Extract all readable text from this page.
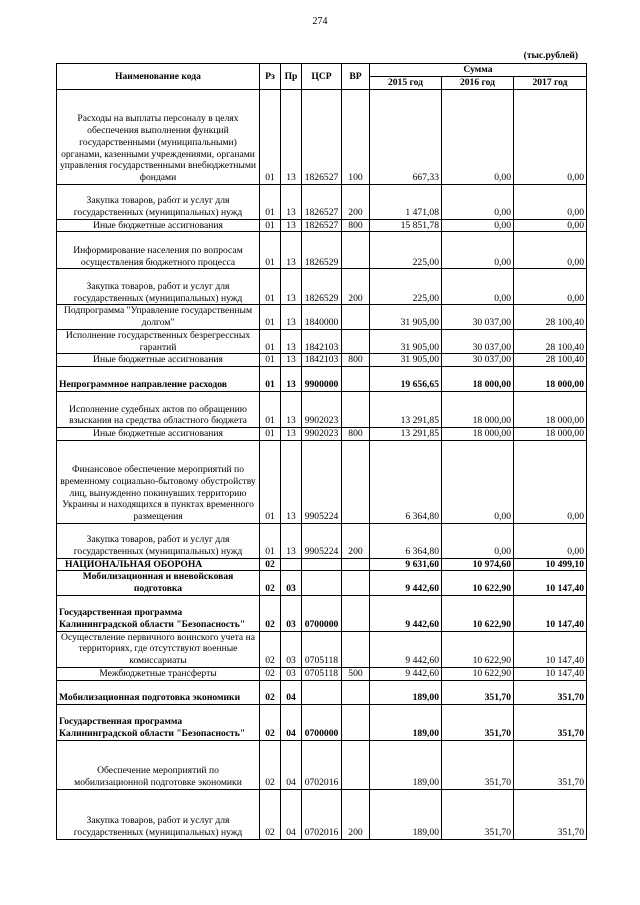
274
(тыс.рублей)
Наименование кода	Рз	Пр	ЦСР	ВР	Сумма		
					2015 год	2016 год	2017 год
Расходы на выплаты персоналу в целях обеспечения выполнения функций государственными (муниципальными) органами, казенными учреждениями, органами управления государственными внебюджетными фондами	01	13	1826527	100	667,33	0,00	0,00
Закупка товаров, работ и услуг для государственных (муниципальных) нужд	01	13	1826527	200	1 471,08	0,00	0,00
Иные бюджетные ассигнования	01	13	1826527	800	15 851,78	0,00	0,00
Информирование населения по вопросам осуществления бюджетного процесса	01	13	1826529		225,00	0,00	0,00
Закупка товаров, работ и услуг для государственных (муниципальных) нужд	01	13	1826529	200	225,00	0,00	0,00
Подпрограмма "Управление государственным долгом"	01	13	1840000		31 905,00	30 037,00	28 100,40
Исполнение государственных безрегрессных гарантий	01	13	1842103		31 905,00	30 037,00	28 100,40
Иные бюджетные ассигнования	01	13	1842103	800	31 905,00	30 037,00	28 100,40
Непрограммное направление расходов	01	13	9900000		19 656,65	18 000,00	18 000,00
Исполнение судебных актов по обращению взыскания на средства областного бюджета	01	13	9902023		13 291,85	18 000,00	18 000,00
Иные бюджетные ассигнования	01	13	9902023	800	13 291,85	18 000,00	18 000,00
Финансовое обеспечение мероприятий по временному социально-бытовому обустройству лиц, вынужденно покинувших территорию Украины и находящихся в пунктах временного размещения	01	13	9905224		6 364,80	0,00	0,00
Закупка товаров, работ и услуг для государственных (муниципальных) нужд	01	13	9905224	200	6 364,80	0,00	0,00
НАЦИОНАЛЬНАЯ ОБОРОНА	02				9 631,60	10 974,60	10 499,10
Мобилизационная и вневойсковая подготовка	02	03			9 442,60	10 622,90	10 147,40
Государственная программа Калининградской области "Безопасность"	02	03	0700000		9 442,60	10 622,90	10 147,40
Осуществление первичного воинского учета на территориях, где отсутствуют военные комиссариаты	02	03	0705118		9 442,60	10 622,90	10 147,40
Межбюджетные трансферты	02	03	0705118	500	9 442,60	10 622,90	10 147,40
Мобилизационная подготовка экономики	02	04			189,00	351,70	351,70
Государственная программа Калининградской области "Безопасность"	02	04	0700000		189,00	351,70	351,70
Обеспечение мероприятий по мобилизационной подготовке экономики	02	04	0702016		189,00	351,70	351,70
Закупка товаров, работ и услуг для государственных (муниципальных) нужд	02	04	0702016	200	189,00	351,70	351,70
